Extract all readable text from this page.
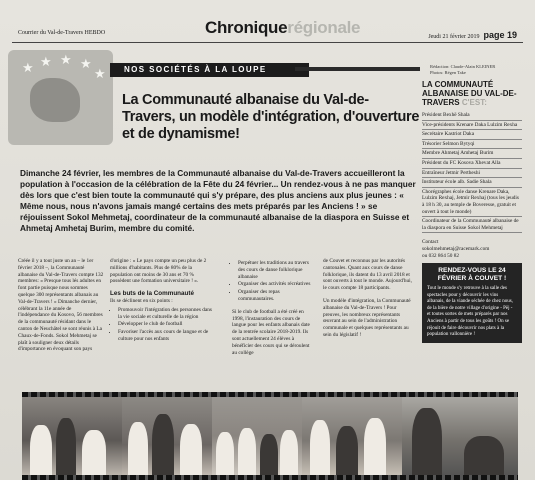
Courrier du Val-de-Travers HEBDO	Chroniquerégionale	Jeudi 21 février 2019 page 19
★ ★ ★ ★
★	NOS SOCIÉTÉS À LA LOUPE	Rédaction: Claude-Alain KLEINER
Photos: Régen Take
La Communauté albanaise du Val-de-Travers, un modèle d'intégration, d'ouverture et de dynamisme!
LA COMMUNAUTÉ ALBANAISE DU VAL-DE-TRAVERS C'EST:
Président Bexhë Shala
Vice-présidents Krenare Daka Lulzim Rexha
Secrétaire Kastriot Daka
Trésorier Selmon Bytyqi
Membre Ahmetaj Amhetaj Burim
Président du FC Kosova Xhevat Alla
Entraîneur Jetmir Pertheshi
Instituteur école alb. Sadie Shala
Chorégraphes école danse Krenare Daka, Lulzim Rexhaj, Jetmir Rexhaj (tous les jeudis à 18 h 30, au temple de Boveresse, gratuit et ouvert à tout le monde)
Coordinateur de la Communauté albanaise de la diaspora en Suisse Sokol Mehmetaj
Contact
sokolmehmetaj@racemark.com
ou 032 864 50 82
RENDEZ-VOUS LE 24 FÉVRIER À COUVET !
Tout le monde s'y retrouve à la salle des spectacles pour y découvrir les vins albanais, de la viande séchée de chez nous, de la bière de notre village d'origine - Pëj - et toutes sortes de mets préparés par nos Anciens à partir de tous les goûts ! On se réjouit de faire découvrir nos plats à la population vallonnière !
Dimanche 24 février, les membres de la Communauté albanaise du Val-de-Travers accueilleront la population à l'occasion de la célébration de la Fête du 24 février... Un rendez-vous à ne pas manquer dès lors que c'est bien toute la communauté qui s'y prépare, des plus anciens aux plus jeunes : « Même nous, nous n'avons jamais mangé certains des mets préparés par les Anciens ! » se réjouissent Sokol Mehmetaj, coordinateur de la communauté albanaise de la diaspora en Suisse et Ahmetaj Amhetaj Burim, membre du comité.
Créée il y a tout juste un an – le 1er février 2018 –, la Communauté albanaise du Val-de-Travers compte 132 membres: « Presque tous lés adultes en font partie puisque nous sommes quelque 300 représentants albanais au Val-de-Travers ! » Dimanche dernier, célébrant la 11e année de l'indépendance du Kosovo, 56 membres de la communauté résidant dans le canton de Neuchâtel se sont réunis à La Chaux-de-Fonds. Sokol Mehmetaj se plaît à souligner deux détails d'importance en évoquant son pays
d'origine : « Le pays compte un peu plus de 2 millions d'habitants. Plus de 80% de la population ont moins de 30 ans et 70 % possèdent une formation universitaire ! ».
Les buts de la Communauté
Ils se déclinent en six points :
• Promouvoir l'intégration des personnes dans la vie sociale et culturelle de la région
• Développer le club de football
• Favoriser l'accès aux cours de langue et de culture pour nos enfants
• Perpétuer les traditions au travers des cours de danse folklorique albanaise
• Organiser des activités récréatives
• Organiser des repas communautaires.
Si le club de football a été créé en 1998, l'instauration des cours de langue pour les enfants albanais date de la rentrée scolaire 2018-2019. Ils sont actuellement 24 élèves à bénéficier des cours qui se déroulent au collège
de Couvet et reconnus par les autorités cantonales. Quant aux cours de danse folklorique, ils datent du 13 avril 2018 et sont ouverts à tout le monde. Aujourd'hui, le cours compte 18 participants.
Un modèle d'intégration, la Communauté albanaise du Val-de-Travers ! Pour preuves, les nombreux représentants œuvrant au sein de l'administration communale et quelques représentants au sein du législatif !
